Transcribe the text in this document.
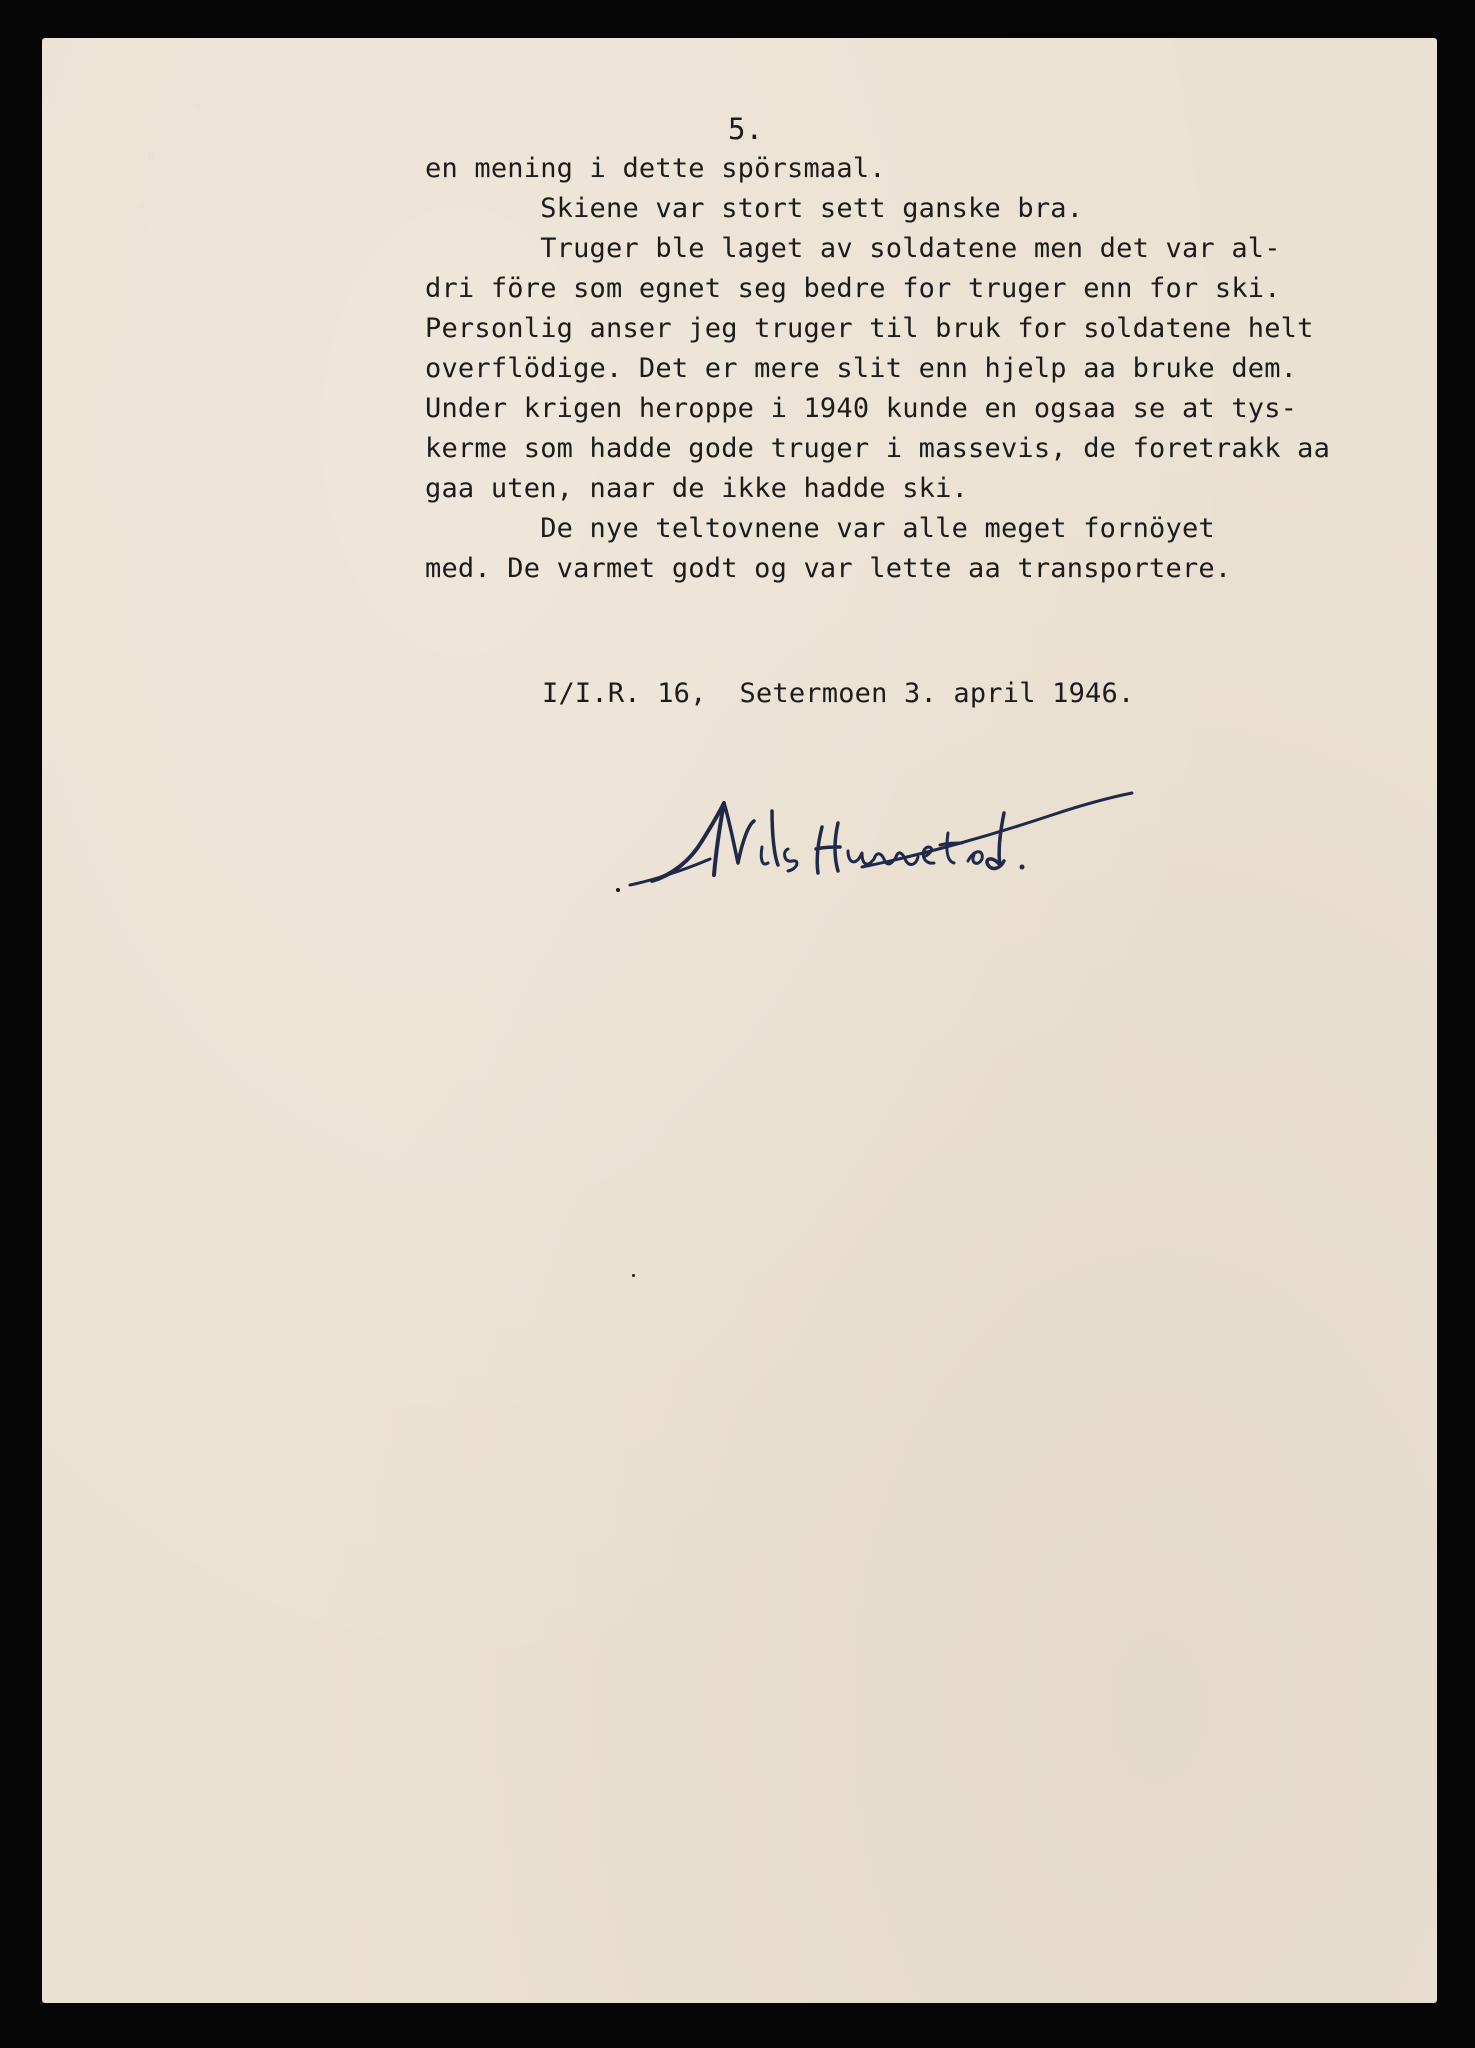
5.
en mening i dette spörsmaal.
Skiene var stort sett ganske bra.
Truger ble laget av soldatene men det var al-
dri före som egnet seg bedre for truger enn for ski.
Personlig anser jeg truger til bruk for soldatene helt
overflödige. Det er mere slit enn hjelp aa bruke dem.
Under krigen heroppe i 1940 kunde en ogsaa se at tys-
kerme som hadde gode truger i massevis, de foretrakk aa
gaa uten, naar de ikke hadde ski.
De nye teltovnene var alle meget fornöyet
med. De varmet godt og var lette aa transportere.
I/I.R. 16,  Setermoen 3. april 1946.
